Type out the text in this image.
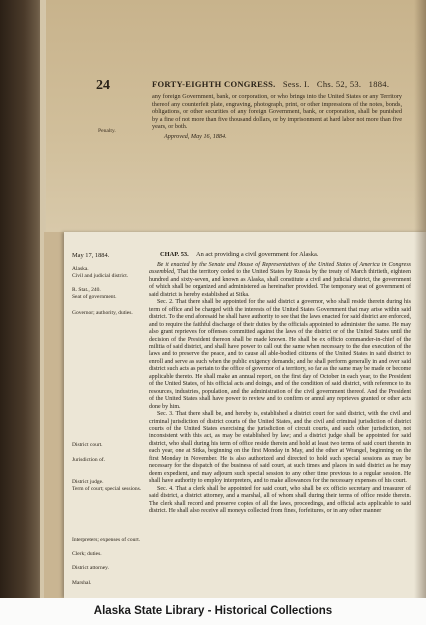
24	FORTY-EIGHTH CONGRESS. Sess. I. Chs. 52, 53. 1884.
any foreign Government, bank, or corporation, or who brings into the United States or any Territory thereof any counterfeit plate, engraving, photograph, print, or other impressions of the notes, bonds, obligations, or other securities of any foreign Government, bank, or corporation, shall be punished by a fine of not more than five thousand dollars, or by imprisonment at hard labor not more than five years, or both.
Approved, May 16, 1884.
Penalty.
May 17, 1884.	CHAP. 53. An act providing a civil government for Alaska.

Be it enacted by the Senate and House of Representatives of the United States of America in Congress assembled, That the territory ceded to the United States by Russia by the treaty of March thirtieth, eighteen hundred and sixty-seven, and known as Alaska, shall constitute a civil and judicial district, the government of which shall be organized and administered as hereinafter provided. The temporary seat of government of said district is hereby established at Sitka.

Sec. 2. That there shall be appointed for the said district a governor, who shall reside therein during his term of office and be charged with the interests of the United States Government that may arise within said district. To the end aforesaid he shall have authority to see that the laws enacted for said district are enforced, and to require the faithful discharge of their duties by the officials appointed to administer the same. He may also grant reprieves for offenses committed against the laws of the district or of the United States until the decision of the President thereon shall be made known. He shall be ex officio commander-in-chief of the militia of said district, and shall have power to call out the same when necessary to the due execution of the laws and to preserve the peace, and to cause all able-bodied citizens of the United States in said district to enroll and serve as such when the public exigency demands; and he shall perform generally in and over said district such acts as pertain to the office of governor of a territory, so far as the same may be made or become applicable thereto. He shall make an annual report, on the first day of October in each year, to the President of the United States, of his official acts and doings, and of the condition of said district, with reference to its resources, industries, population, and the administration of the civil government thereof. And the President of the United States shall have power to review and to confirm or annul any reprieves granted or other acts done by him.

Sec. 3. That there shall be, and hereby is, established a district court for said district, with the civil and criminal jurisdiction of district courts of the United States, and the civil and criminal jurisdiction of district courts of the United States exercising the jurisdiction of circuit courts, and such other jurisdiction, not inconsistent with this act, as may be established by law; and a district judge shall be appointed for said district, who shall during his term of office reside therein and hold at least two terms of said court therein in each year, one at Sitka, beginning on the first Monday in May, and the other at Wrangel, beginning on the first Monday in November. He is also authorized and directed to hold such special sessions as may be necessary for the dispatch of the business of said court, at such times and places in said district as he may deem expedient, and may adjourn such special session to any other time previous to a regular session. He shall have authority to employ interpreters, and to make allowances for the necessary expenses of his court.

Sec. 4. That a clerk shall be appointed for said court, who shall be ex officio secretary and treasurer of said district, a district attorney, and a marshal, all of whom shall during their terms of office reside therein. The clerk shall record and preserve copies of all the laws, proceedings, and official acts applicable to said district. He shall also receive all moneys collected from fines, forfeitures, or in any other manner

Alaska.
Civil and judicial district.
R. Stat., 240.
Seat of government.
Governor; authority, duties.
District court.
Jurisdiction of.
District judge.
Term of court; special sessions.
Interpreters; expenses of court.
Clerk; duties.
District attorney.
Marshal.
Alaska State Library - Historical Collections
